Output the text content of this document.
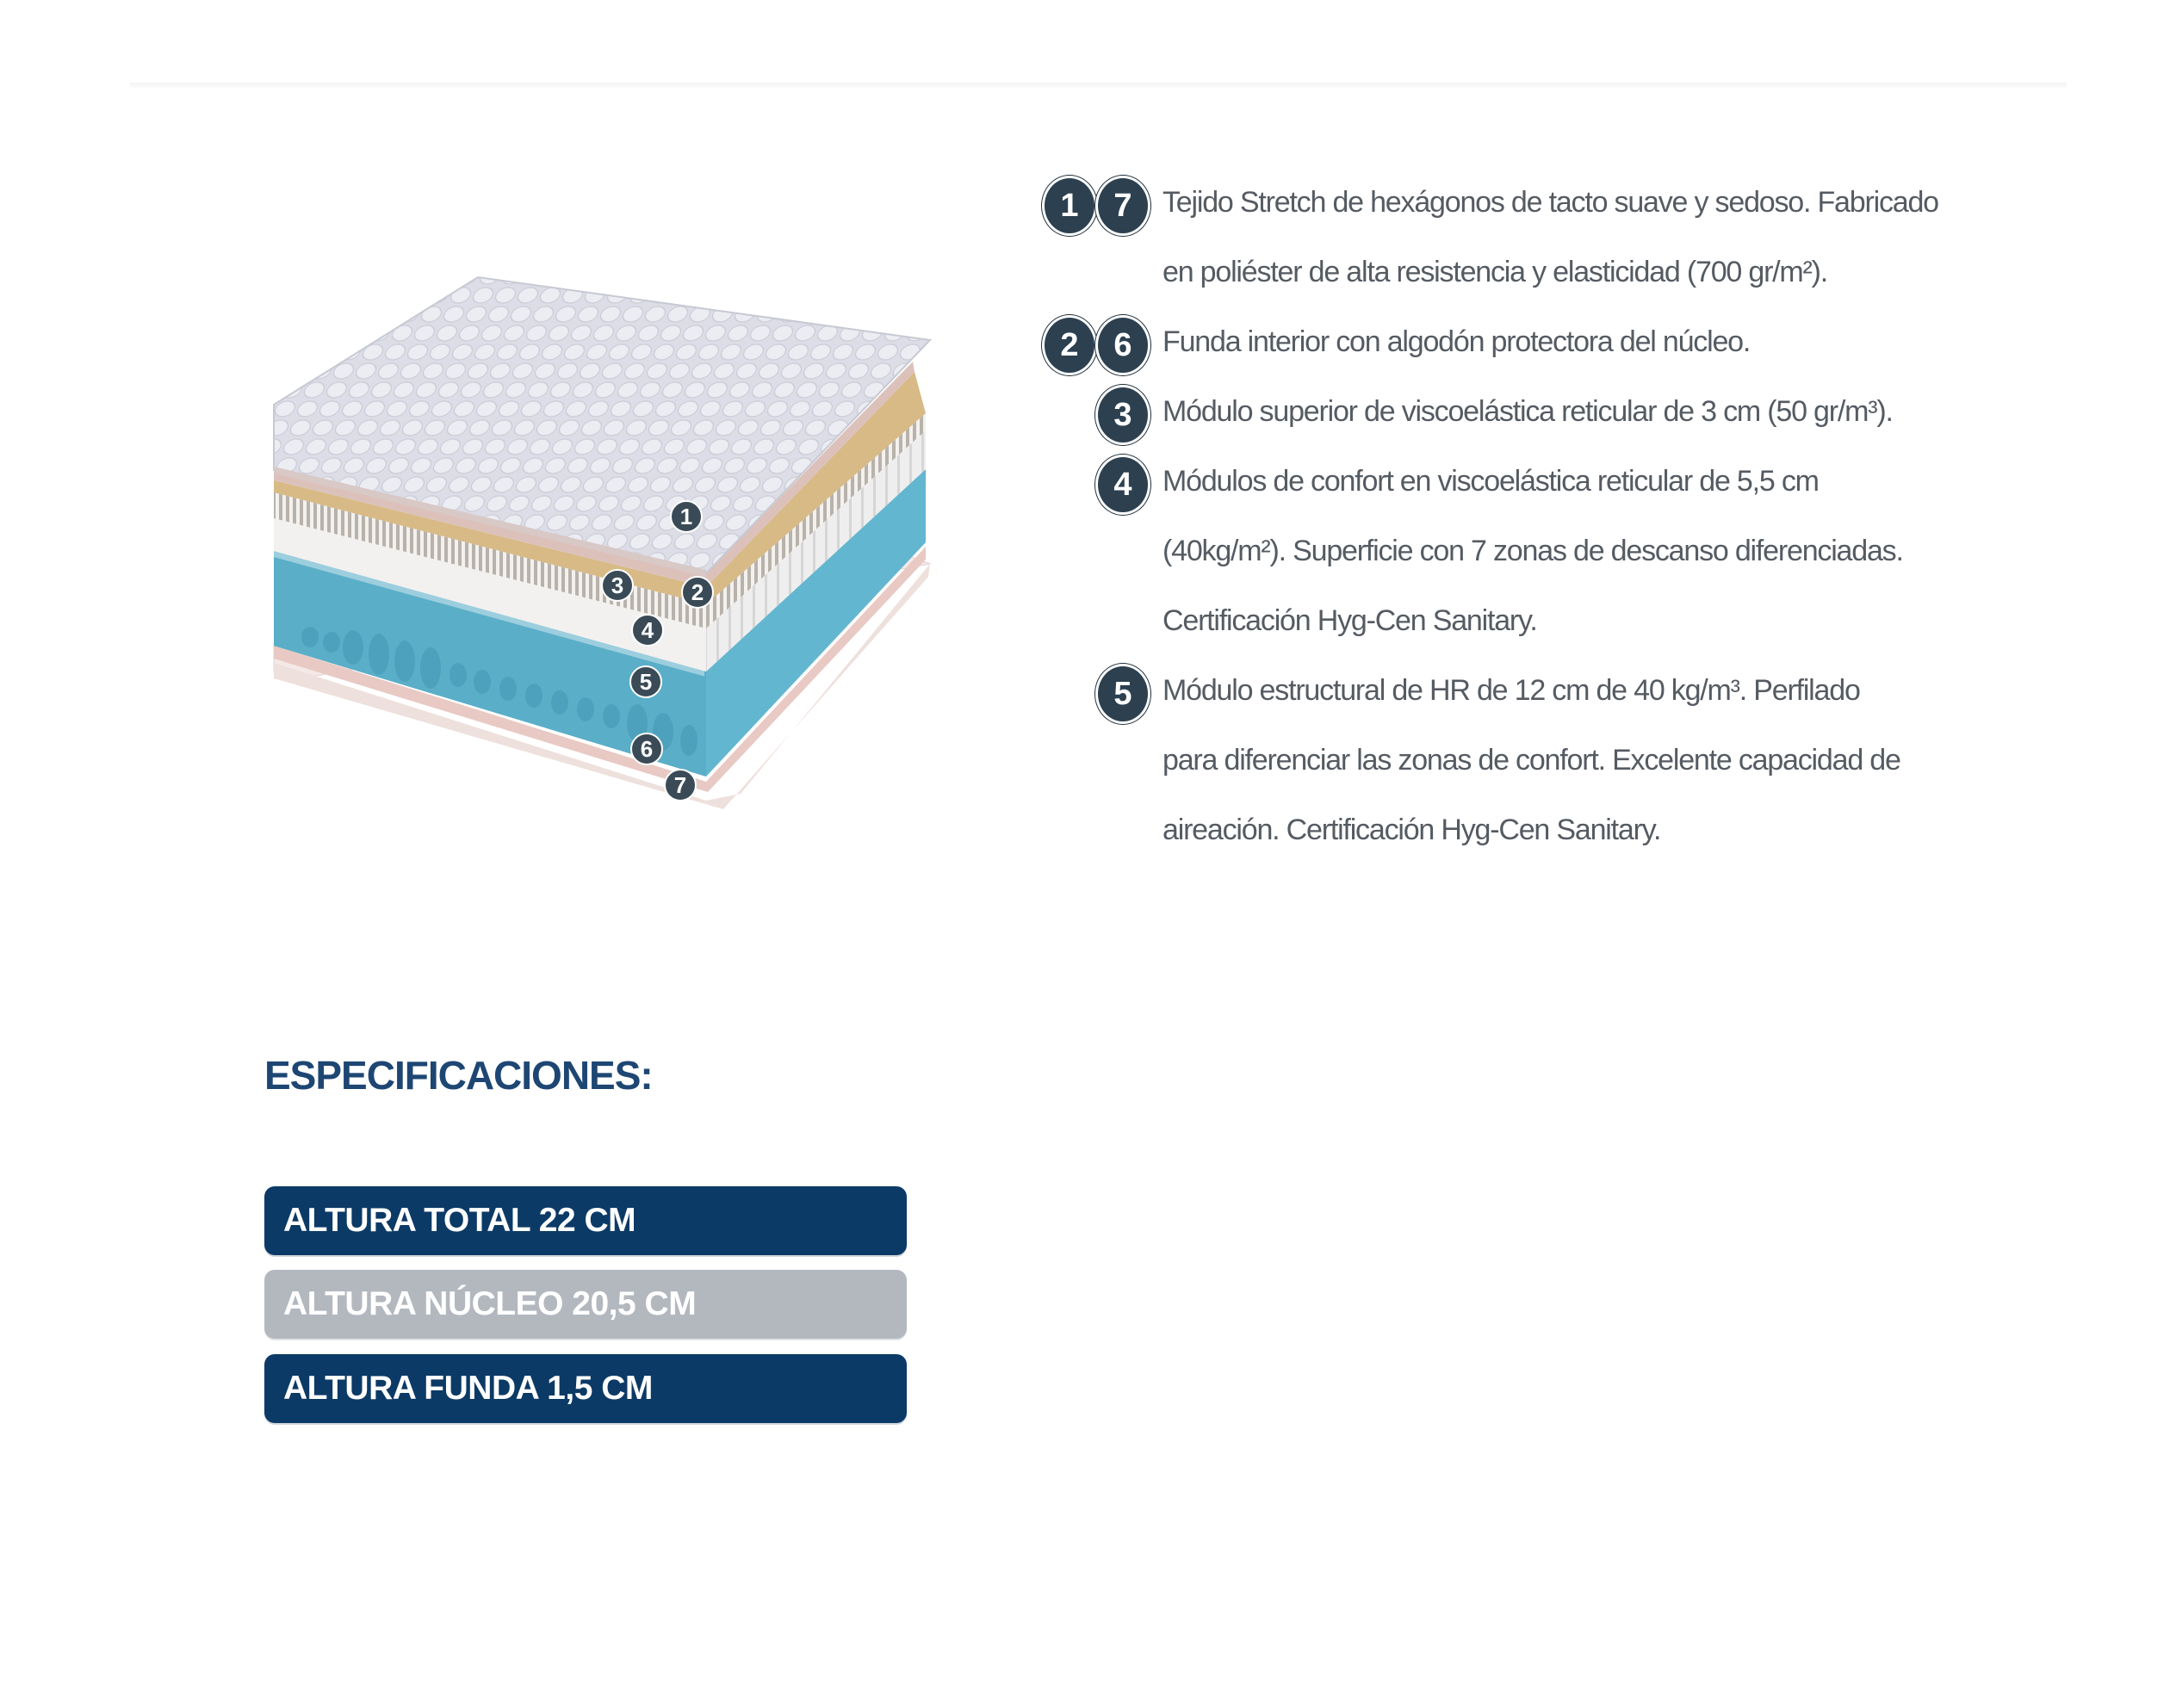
1
2
3
4
5
6
7
1	7	Tejido Stretch de hexágonos de tacto suave y sedoso. Fabricado
en poliéster de alta resistencia y elasticidad (700 gr/m²).
2	6	Funda interior con algodón protectora del núcleo.
3	Módulo superior de viscoelástica reticular de 3 cm (50 gr/m³).
4	Módulos de confort en viscoelástica reticular de 5,5 cm
(40kg/m²). Superficie con 7 zonas de descanso diferenciadas.
Certificación Hyg-Cen Sanitary.
5	Módulo estructural de HR de 12 cm de 40 kg/m³. Perfilado
para diferenciar las zonas de confort. Excelente capacidad de
aireación. Certificación Hyg-Cen Sanitary.
ESPECIFICACIONES:
ALTURA TOTAL 22 CM
ALTURA NÚCLEO 20,5 CM
ALTURA FUNDA 1,5 CM
